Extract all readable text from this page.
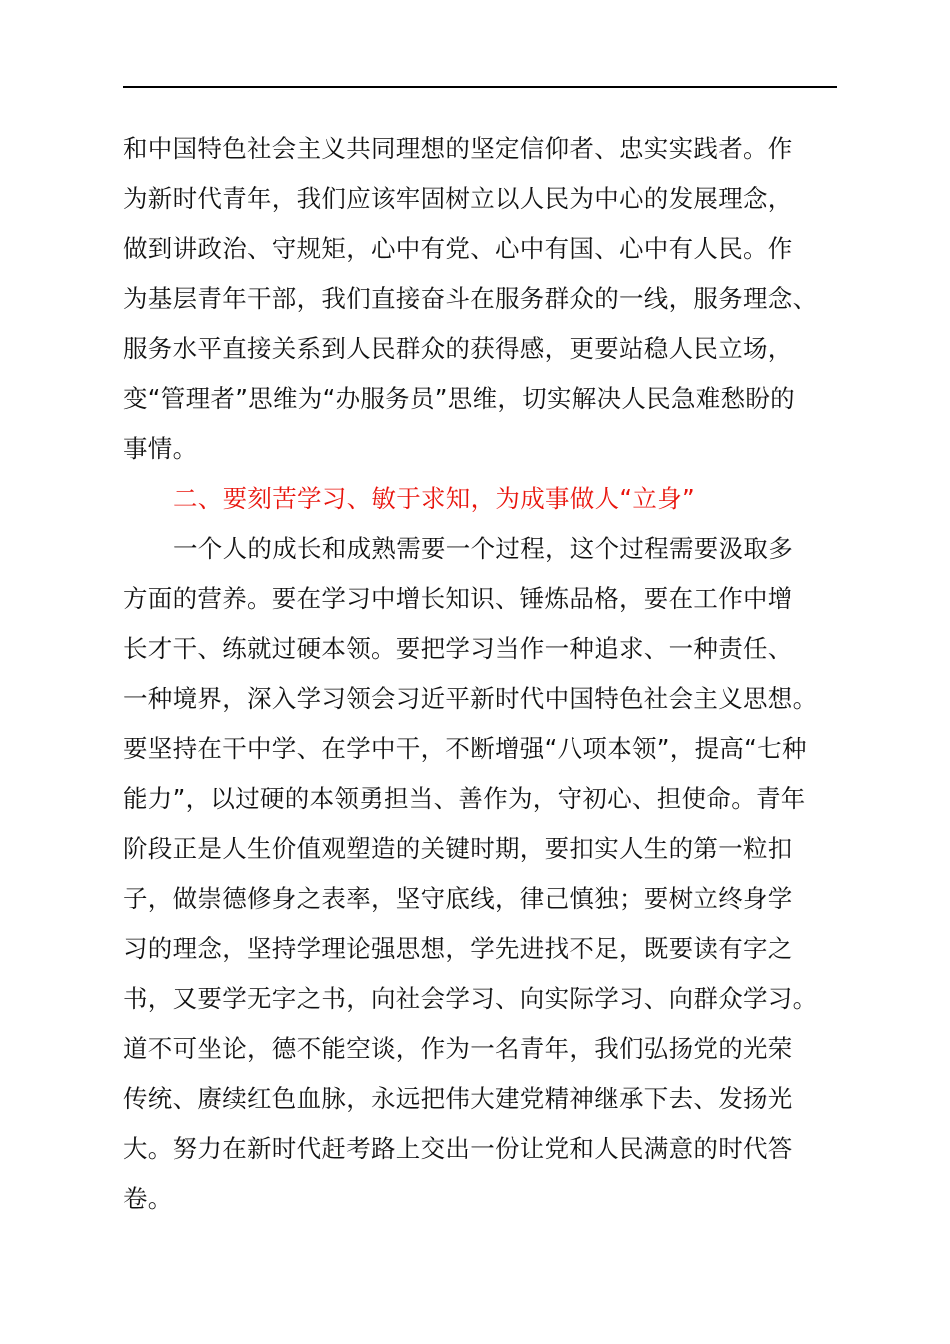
和中国特色社会主义共同理想的坚定信仰者、忠实实践者。作
为新时代青年，我们应该牢固树立以人民为中心的发展理念，
做到讲政治、守规矩，心中有党、心中有国、心中有人民。作
为基层青年干部，我们直接奋斗在服务群众的一线，服务理念、
服务水平直接关系到人民群众的获得感，更要站稳人民立场，
变“管理者”思维为“办服务员”思维，切实解决人民急难愁盼的
事情。
二、要刻苦学习、敏于求知，为成事做人“立身”
一个人的成长和成熟需要一个过程，这个过程需要汲取多
方面的营养。要在学习中增长知识、锤炼品格，要在工作中增
长才干、练就过硬本领。要把学习当作一种追求、一种责任、
一种境界，深入学习领会习近平新时代中国特色社会主义思想。
要坚持在干中学、在学中干，不断增强“八项本领”，提高“七种
能力”，以过硬的本领勇担当、善作为，守初心、担使命。青年
阶段正是人生价值观塑造的关键时期，要扣实人生的第一粒扣
子，做崇德修身之表率，坚守底线，律己慎独；要树立终身学
习的理念，坚持学理论强思想，学先进找不足，既要读有字之
书，又要学无字之书，向社会学习、向实际学习、向群众学习。
道不可坐论，德不能空谈，作为一名青年，我们弘扬党的光荣
传统、赓续红色血脉，永远把伟大建党精神继承下去、发扬光
大。努力在新时代赶考路上交出一份让党和人民满意的时代答
卷。
